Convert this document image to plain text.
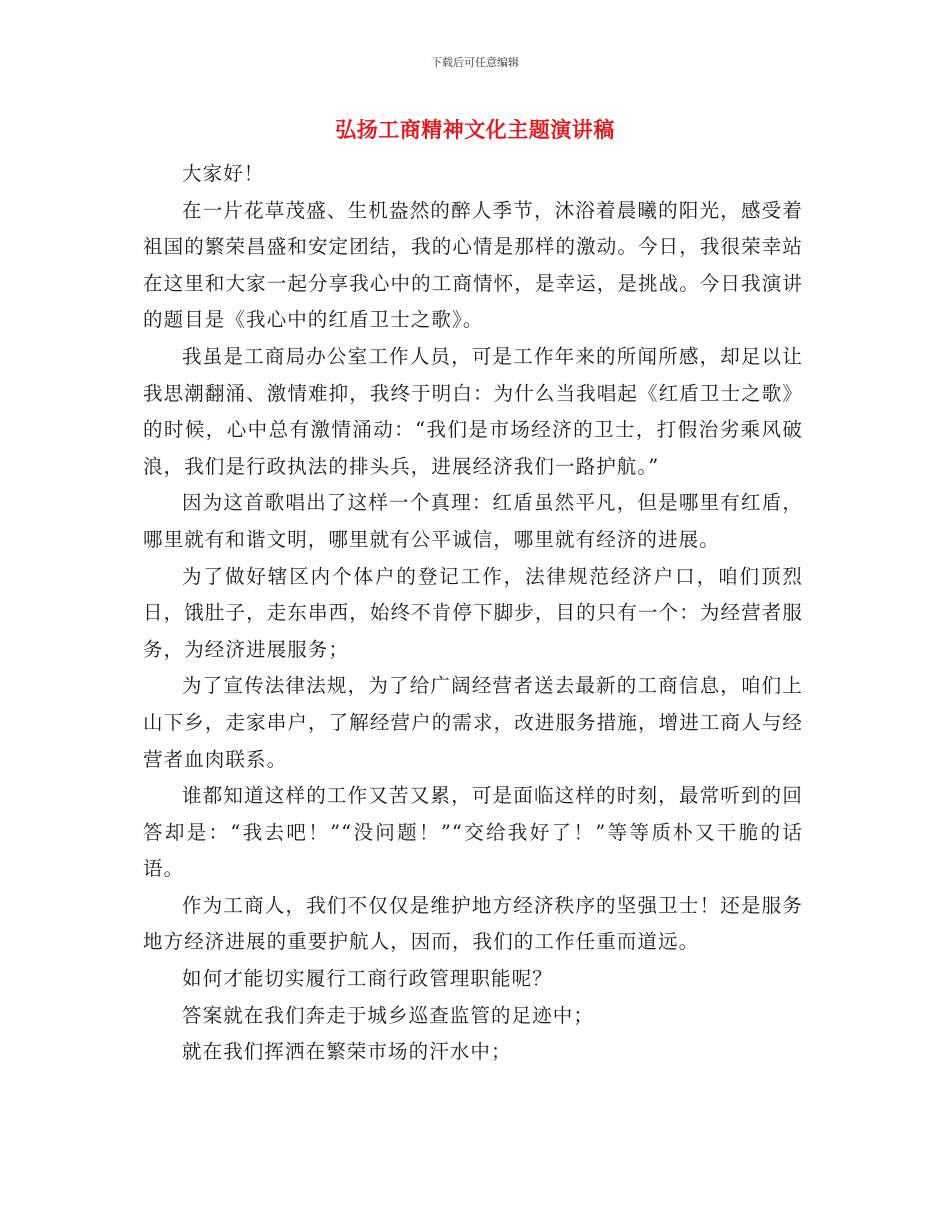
下载后可任意编辑
弘扬工商精神文化主题演讲稿

大家好！

在一片花草茂盛、生机盎然的醉人季节，沐浴着晨曦的阳光，感受着祖国的繁荣昌盛和安定团结，我的心情是那样的激动。今日，我很荣幸站在这里和大家一起分享我心中的工商情怀，是幸运，是挑战。今日我演讲的题目是《我心中的红盾卫士之歌》。

我虽是工商局办公室工作人员，可是工作年来的所闻所感，却足以让我思潮翻涌、激情难抑，我终于明白：为什么当我唱起《红盾卫士之歌》的时候，心中总有激情涌动：“我们是市场经济的卫士，打假治劣乘风破浪，我们是行政执法的排头兵，进展经济我们一路护航。”

因为这首歌唱出了这样一个真理：红盾虽然平凡，但是哪里有红盾，哪里就有和谐文明，哪里就有公平诚信，哪里就有经济的进展。

为了做好辖区内个体户的登记工作，法律规范经济户口，咱们顶烈日，饿肚子，走东串西，始终不肯停下脚步，目的只有一个：为经营者服务，为经济进展服务；

为了宣传法律法规，为了给广阔经营者送去最新的工商信息，咱们上山下乡，走家串户，了解经营户的需求，改进服务措施，增进工商人与经营者血肉联系。

谁都知道这样的工作又苦又累，可是面临这样的时刻，最常听到的回答却是：“我去吧！”“没问题！”“交给我好了！”等等质朴又干脆的话语。

作为工商人，我们不仅仅是维护地方经济秩序的坚强卫士！还是服务地方经济进展的重要护航人，因而，我们的工作任重而道远。

如何才能切实履行工商行政管理职能呢？

答案就在我们奔走于城乡巡查监管的足迹中；

就在我们挥洒在繁荣市场的汗水中；
